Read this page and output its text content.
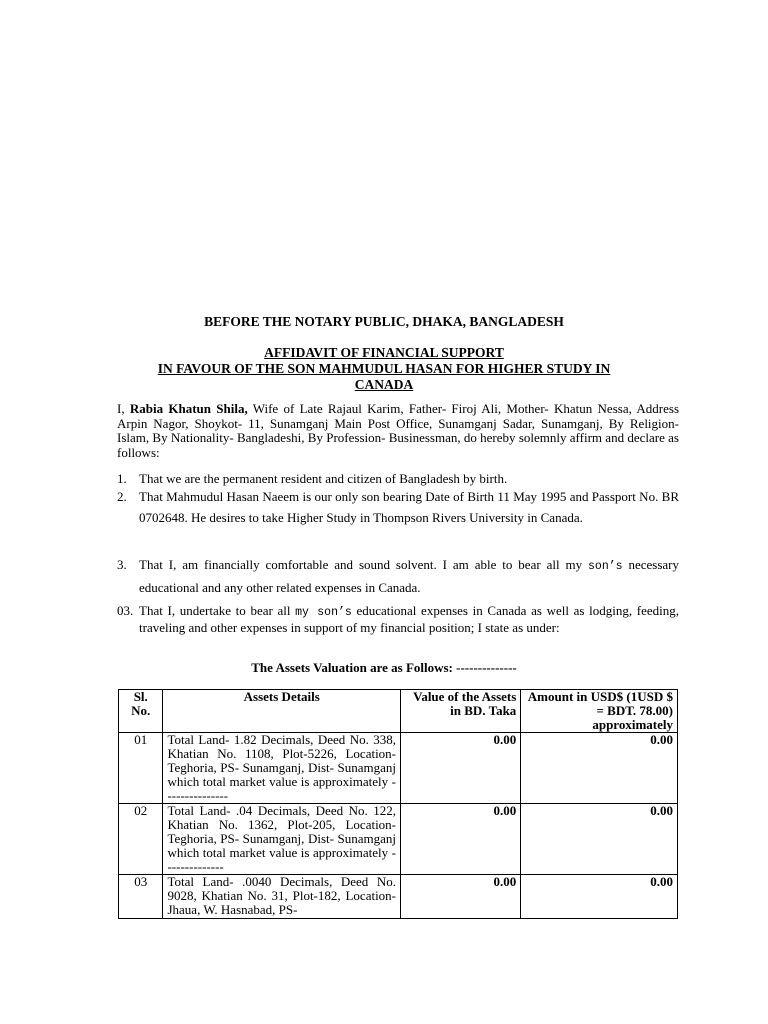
BEFORE THE NOTARY PUBLIC, DHAKA, BANGLADESH
AFFIDAVIT OF FINANCIAL SUPPORT
IN FAVOUR OF THE SON MAHMUDUL HASAN FOR HIGHER STUDY IN
CANADA
I, Rabia Khatun Shila, Wife of Late Rajaul Karim, Father- Firoj Ali, Mother- Khatun Nessa, Address Arpin Nagor, Shoykot- 11, Sunamganj Main Post Office, Sunamganj Sadar, Sunamganj, By Religion- Islam, By Nationality- Bangladeshi, By Profession- Businessman, do hereby solemnly affirm and declare as follows:
1. That we are the permanent resident and citizen of Bangladesh by birth.
2. That Mahmudul Hasan Naeem is our only son bearing Date of Birth 11 May 1995 and Passport No. BR 0702648. He desires to take Higher Study in Thompson Rivers University in Canada.
3. That I, am financially comfortable and sound solvent. I am able to bear all my son’s necessary educational and any other related expenses in Canada.
03. That I, undertake to bear all my son’s educational expenses in Canada as well as lodging, feeding, traveling and other expenses in support of my financial position; I state as under:
The Assets Valuation are as Follows: --------------
Sl. No.	Assets Details	Value of the Assets in BD. Taka	Amount in USD$ (1USD $ = BDT. 78.00) approximately
01	Total Land- 1.82 Decimals, Deed No. 338, Khatian No. 1108, Plot-5226, Location- Teghoria, PS- Sunamganj, Dist- Sunamganj which total market value is approximately ---------------	0.00	0.00
02	Total Land- .04 Decimals, Deed No. 122, Khatian No. 1362, Plot-205, Location- Teghoria, PS- Sunamganj, Dist- Sunamganj which total market value is approximately --------------	0.00	0.00
03	Total Land- .0040 Decimals, Deed No. 9028, Khatian No. 31, Plot-182, Location- Jhaua, W. Hasnabad, PS-	0.00	0.00
